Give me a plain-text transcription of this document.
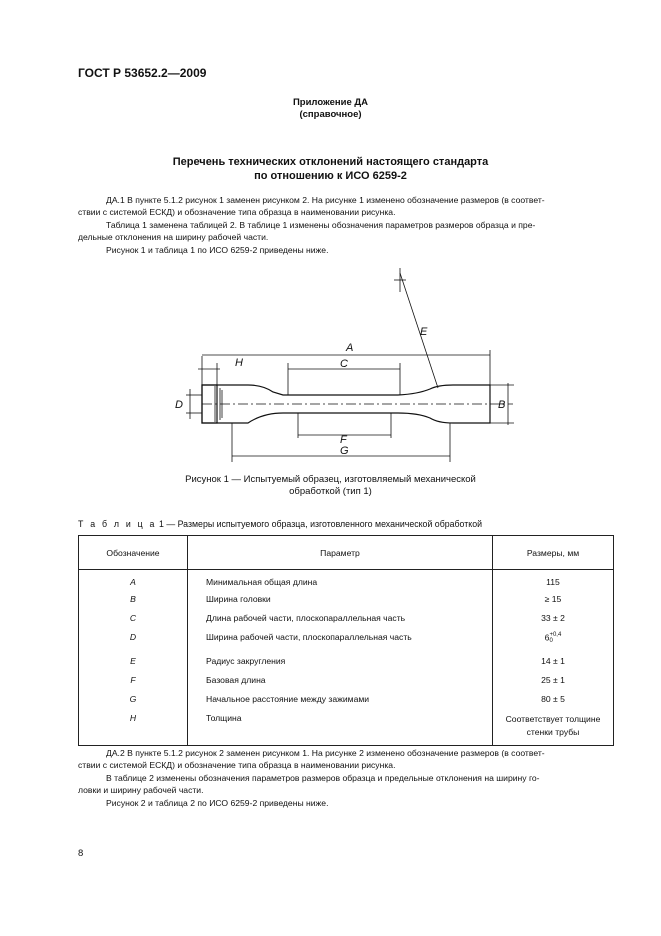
ГОСТ Р 53652.2—2009
Приложение ДА
(справочное)
Перечень технических отклонений настоящего стандарта
по отношению к ИСО 6259-2
ДА.1 В пункте 5.1.2 рисунок 1 заменен рисунком 2. На рисунке 1 изменено обозначение размеров (в соответ-
ствии с системой ЕСКД) и обозначение типа образца в наименовании рисунка.
Таблица 1 заменена таблицей 2. В таблице 1 изменены обозначения параметров размеров образца и пре-
дельные отклонения на ширину рабочей части.
Рисунок 1 и таблица 1 по ИСО 6259-2 приведены ниже.
A
H	C
D	B
E
F
G
Рисунок 1 — Испытуемый образец, изготовляемый механической
обработкой (тип 1)
Т а б л и ц а 1 — Размеры испытуемого образца, изготовленного механической обработкой
Обозначение	Параметр	Размеры, мм
A	Минимальная общая длина	115
B	Ширина головки	≥ 15
C	Длина рабочей части, плоскопараллельная часть	33 ± 2
D	Ширина рабочей части, плоскопараллельная часть	6 +0,4
0

E	Радиус закругления	14 ± 1
F	Базовая длина	25 ± 1
G	Начальное расстояние между зажимами	80 ± 5
H	Толщина	Соответствует толщине
стенки трубы
ДА.2 В пункте 5.1.2 рисунок 2 заменен рисунком 1. На рисунке 2 изменено обозначение размеров (в соответ-
ствии с системой ЕСКД) и обозначение типа образца в наименовании рисунка.
В таблице 2 изменены обозначения параметров размеров образца и предельные отклонения на ширину го-
ловки и ширину рабочей части.
Рисунок 2 и таблица 2 по ИСО 6259-2 приведены ниже.
8
